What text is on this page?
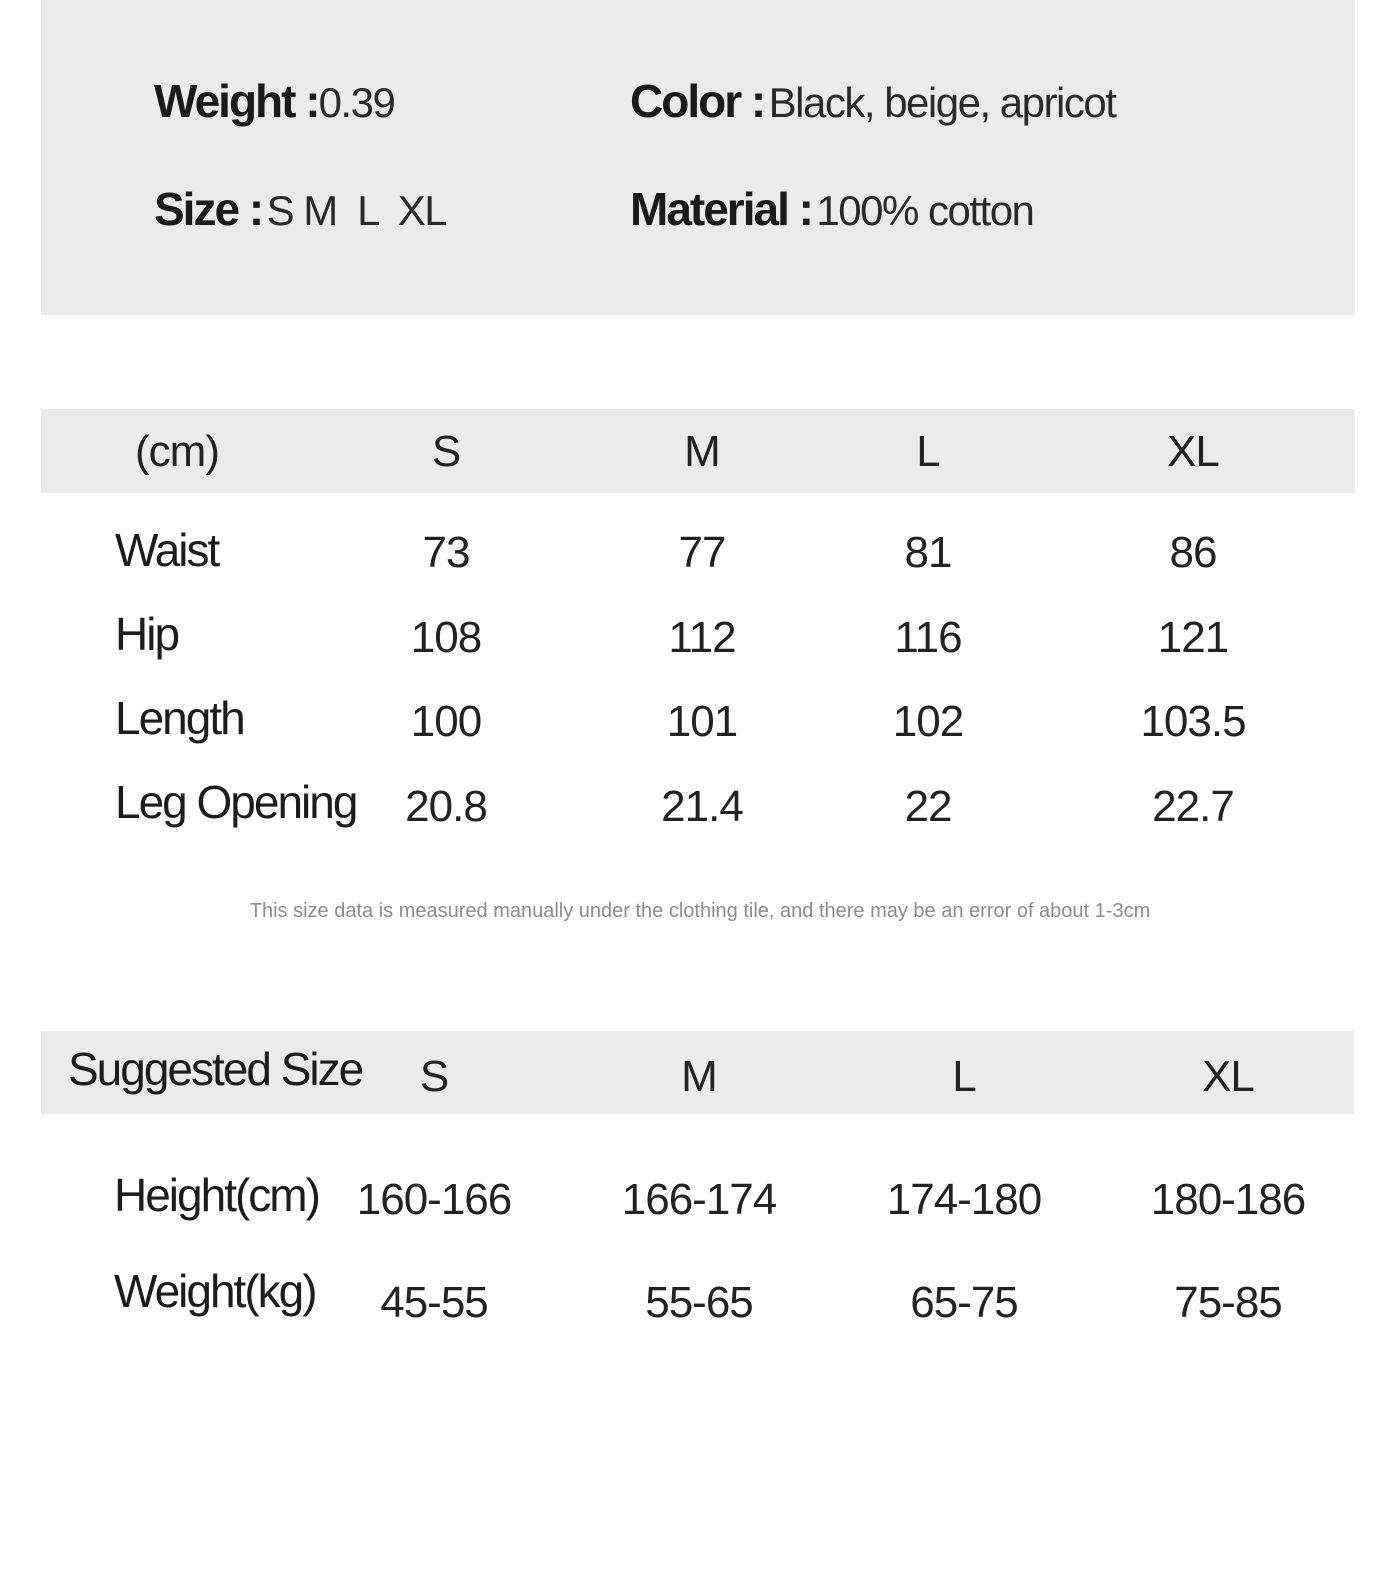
Weight :0.39	Color : Black, beige, apricot
Size : S M  L  XL	Material : 100% cotton
(cm)	S	M	L	XL
Waist	73	77	81	86
Hip	108	112	116	121
Length	100	101	102	103.5
Leg Opening 20.8	21.4	22	22.7
This size data is measured manually under the clothing tile, and there may be an error of about 1-3cm
Suggested Size S	M	L	XL
Height(cm) 160-166	166-174	174-180 180-186
Weight(kg) 45-55	55-65	65-75	75-85
